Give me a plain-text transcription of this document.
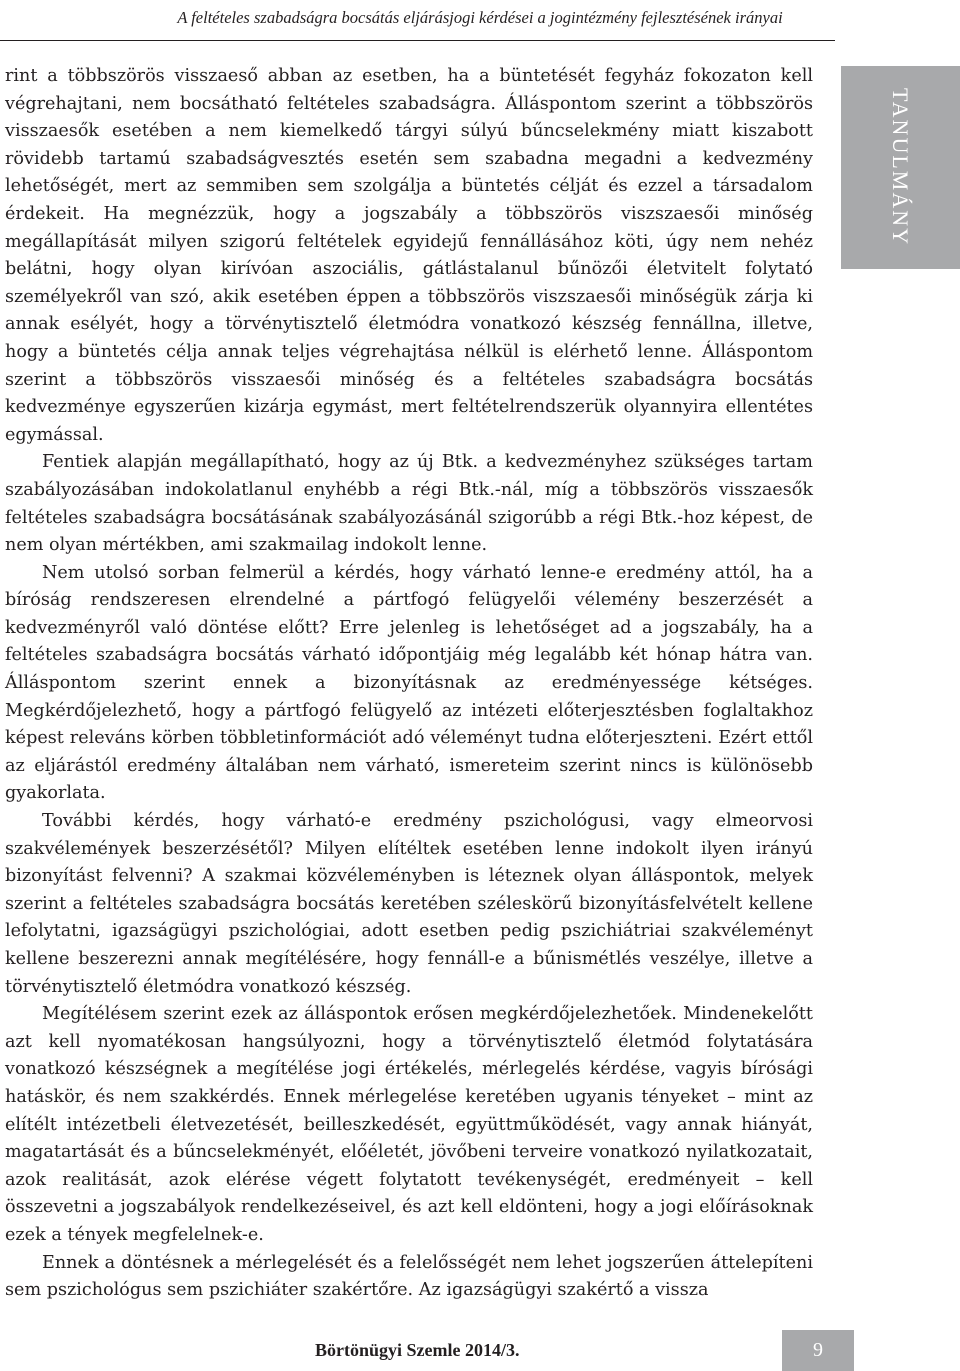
A feltételes szabadságra bocsátás eljárásjogi kérdései a jogintézmény fejlesztésének irányai
TANULMÁNY

rint a többszörös visszaeső abban az esetben, ha a büntetését fegyház fokozaton kell végrehajtani, nem bocsátható feltételes szabadságra. Álláspontom szerint a többszörös visszaesők esetében a nem kiemelkedő tárgyi súlyú bűncselekmény miatt kiszabott rövidebb tartamú szabadságvesztés esetén sem szabadna megadni a kedvezmény lehetőségét, mert az semmiben sem szolgálja a büntetés célját és ezzel a társadalom érdekeit. Ha megnézzük, hogy a jogszabály a többszörös viszszaesői minőség megállapítását milyen szigorú feltételek egyidejű fennállásához köti, úgy nem nehéz belátni, hogy olyan kirívóan aszociális, gátlástalanul bűnözői életvitelt folytató személyekről van szó, akik esetében éppen a többszörös viszszaesői minőségük zárja ki annak esélyét, hogy a törvénytisztelő életmódra vonatkozó készség fennállna, illetve, hogy a büntetés célja annak teljes végrehajtása nélkül is elérhető lenne. Álláspontom szerint a többszörös visszaesői minőség és a feltételes szabadságra bocsátás kedvezménye egyszerűen kizárja egymást, mert feltételrendszerük olyannyira ellentétes egymással.

Fentiek alapján megállapítható, hogy az új Btk. a kedvezményhez szükséges tartam szabályozásában indokolatlanul enyhébb a régi Btk.-nál, míg a többszörös visszaesők feltételes szabadságra bocsátásának szabályozásánál szigorúbb a régi Btk.-hoz képest, de nem olyan mértékben, ami szakmailag indokolt lenne.

Nem utolsó sorban felmerül a kérdés, hogy várható lenne-e eredmény attól, ha a bíróság rendszeresen elrendelné a pártfogó felügyelői vélemény beszerzését a kedvezményről való döntése előtt? Erre jelenleg is lehetőséget ad a jogszabály, ha a feltételes szabadságra bocsátás várható időpontjáig még legalább két hónap hátra van. Álláspontom szerint ennek a bizonyításnak az eredményessége kétséges. Megkérdőjelezhető, hogy a pártfogó felügyelő az intézeti előterjesztésben foglaltakhoz képest releváns körben többletinformációt adó véleményt tudna előterjeszteni. Ezért ettől az eljárástól eredmény általában nem várható, ismereteim szerint nincs is különösebb gyakorlata.

További kérdés, hogy várható-e eredmény pszichológusi, vagy elmeorvosi szakvélemények beszerzésétől? Milyen elítéltek esetében lenne indokolt ilyen irányú bizonyítást felvenni? A szakmai közvéleményben is léteznek olyan álláspontok, melyek szerint a feltételes szabadságra bocsátás keretében széleskörű bizonyításfelvételt kellene lefolytatni, igazságügyi pszichológiai, adott esetben pedig pszichiátriai szakvéleményt kellene beszerezni annak megítélésére, hogy fennáll-e a bűnismétlés veszélye, illetve a törvénytisztelő életmódra vonatkozó készség.

Megítélésem szerint ezek az álláspontok erősen megkérdőjelezhetőek. Mindenekelőtt azt kell nyomatékosan hangsúlyozni, hogy a törvénytisztelő életmód folytatására vonatkozó készségnek a megítélése jogi értékelés, mérlegelés kérdése, vagyis bírósági hatáskör, és nem szakkérdés. Ennek mérlegelése keretében ugyanis tényeket – mint az elítélt intézetbeli életvezetését, beilleszkedését, együttműködését, vagy annak hiányát, magatartását és a bűncselekményét, előéletét, jövőbeni terveire vonatkozó nyilatkozatait, azok realitását, azok elérése végett folytatott tevékenységét, eredményeit – kell összevetni a jogszabályok rendelkezéseivel, és azt kell eldönteni, hogy a jogi előírásoknak ezek a tények megfelelnek-e.

Ennek a döntésnek a mérlegelését és a felelősségét nem lehet jogszerűen áttelepíteni sem pszichológus sem pszichiáter szakértőre. Az igazságügyi szakértő a vissza

Börtönügyi Szemle 2014/3.	9
